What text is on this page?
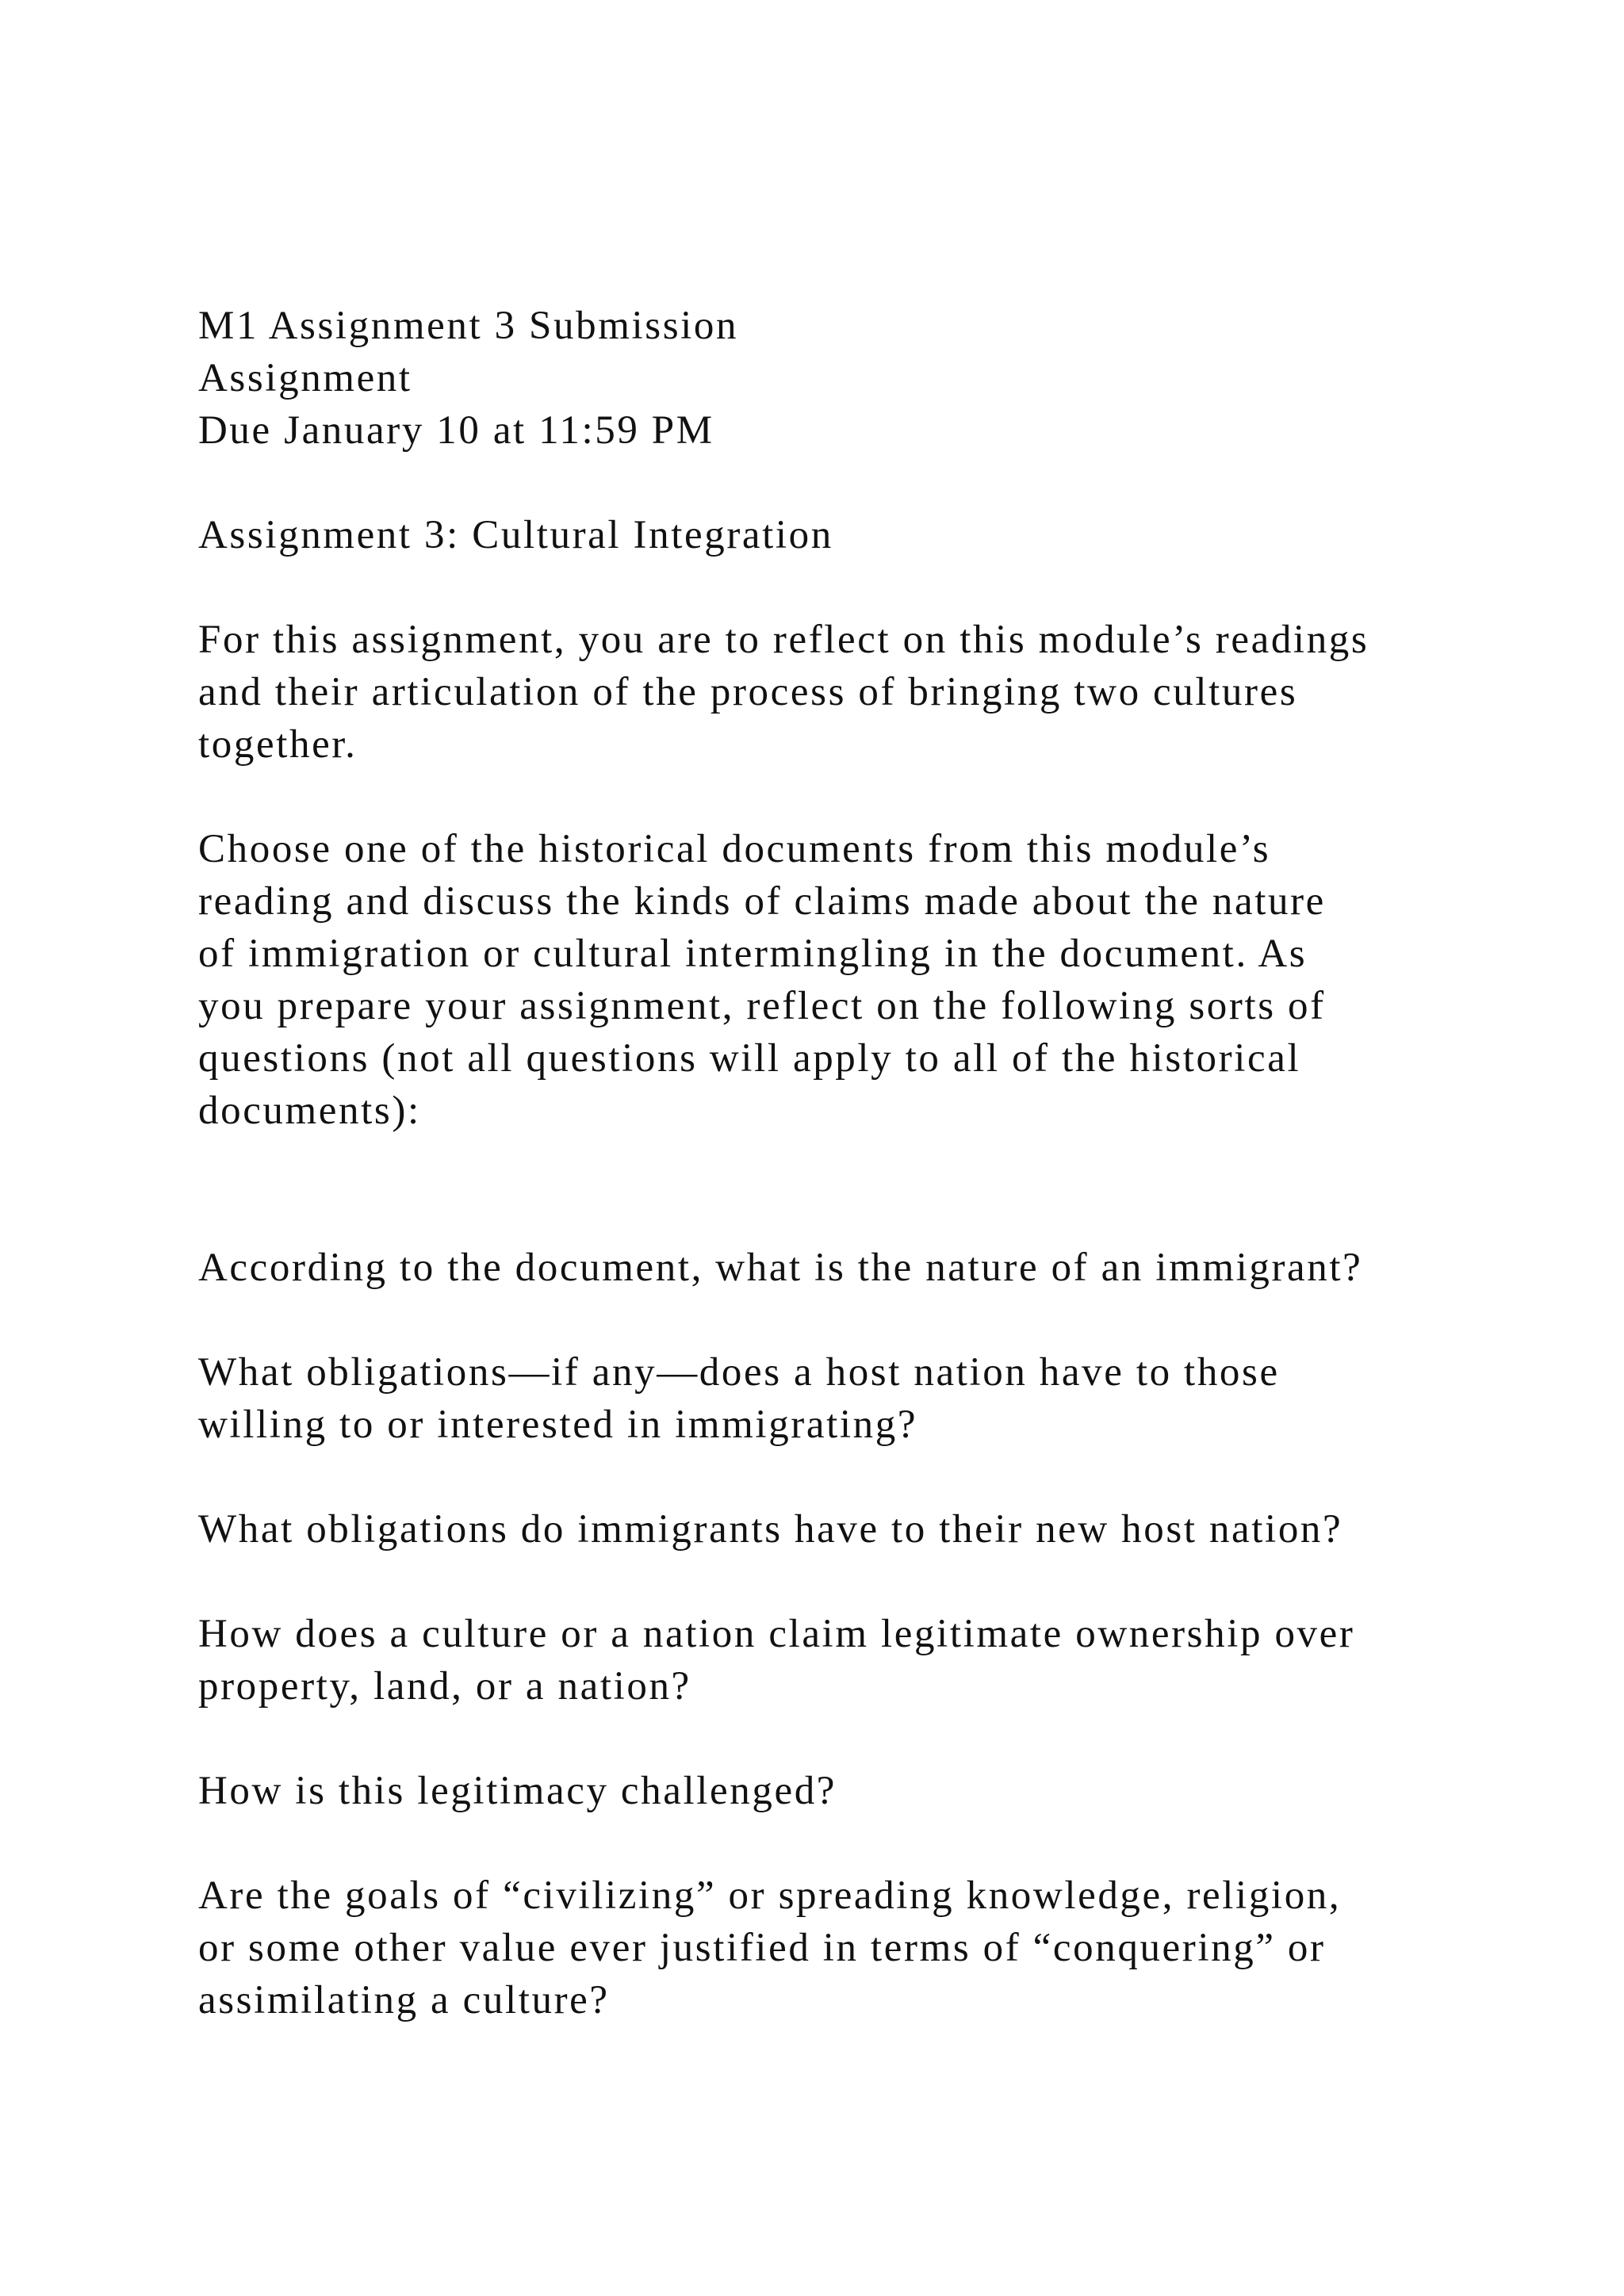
M1 Assignment 3 Submission
Assignment
Due January 10 at 11:59 PM
Assignment 3: Cultural Integration
For this assignment, you are to reflect on this module’s readings
and their articulation of the process of bringing two cultures
together.
Choose one of the historical documents from this module’s
reading and discuss the kinds of claims made about the nature
of immigration or cultural intermingling in the document. As
you prepare your assignment, reflect on the following sorts of
questions (not all questions will apply to all of the historical
documents):
According to the document, what is the nature of an immigrant?
What obligations—if any—does a host nation have to those
willing to or interested in immigrating?
What obligations do immigrants have to their new host nation?
How does a culture or a nation claim legitimate ownership over
property, land, or a nation?
How is this legitimacy challenged?
Are the goals of “civilizing” or spreading knowledge, religion,
or some other value ever justified in terms of “conquering” or
assimilating a culture?
